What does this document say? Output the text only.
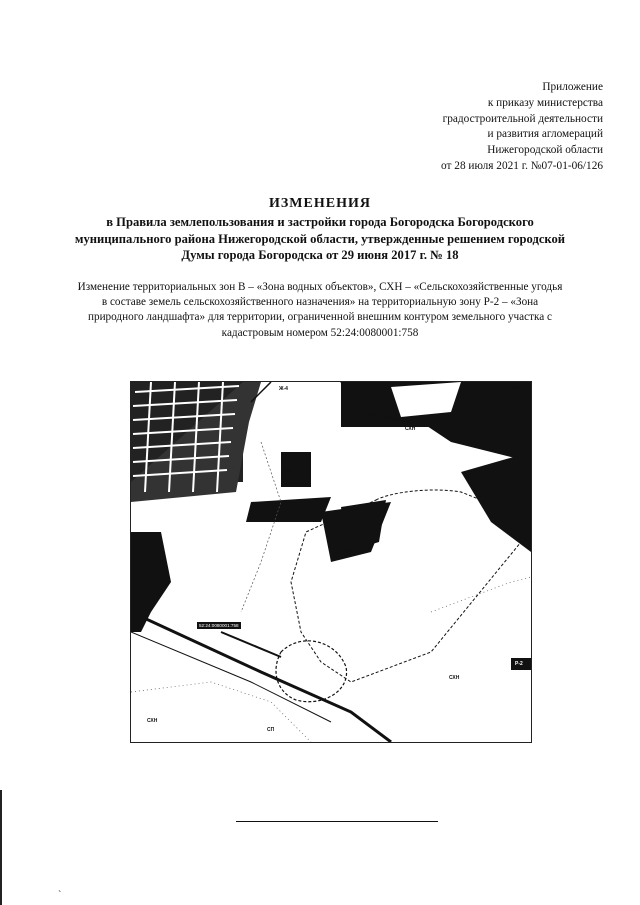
Приложение
к приказу министерства
градостроительной деятельности
и развития агломераций
Нижегородской области
от 28 июля 2021 г. №07-01-06/126
ИЗМЕНЕНИЯ
в Правила землепользования и застройки города Богородска Богородского муниципального района Нижегородской области, утвержденные решением городской Думы города Богородска от 29 июня 2017 г. № 18
Изменение территориальных зон В – «Зона водных объектов», СХН – «Сельскохозяйственные угодья в составе земель сельскохозяйственного назначения» на территориальную зону Р-2 – «Зона природного ландшафта» для территории, ограниченной внешним контуром земельного участка с кадастровым номером 52:24:0080001:758
Ж-4	Ж-4
Ж-4
СХН
СХН
СХН
СП
Р-2
52:24:0080001:758
`
